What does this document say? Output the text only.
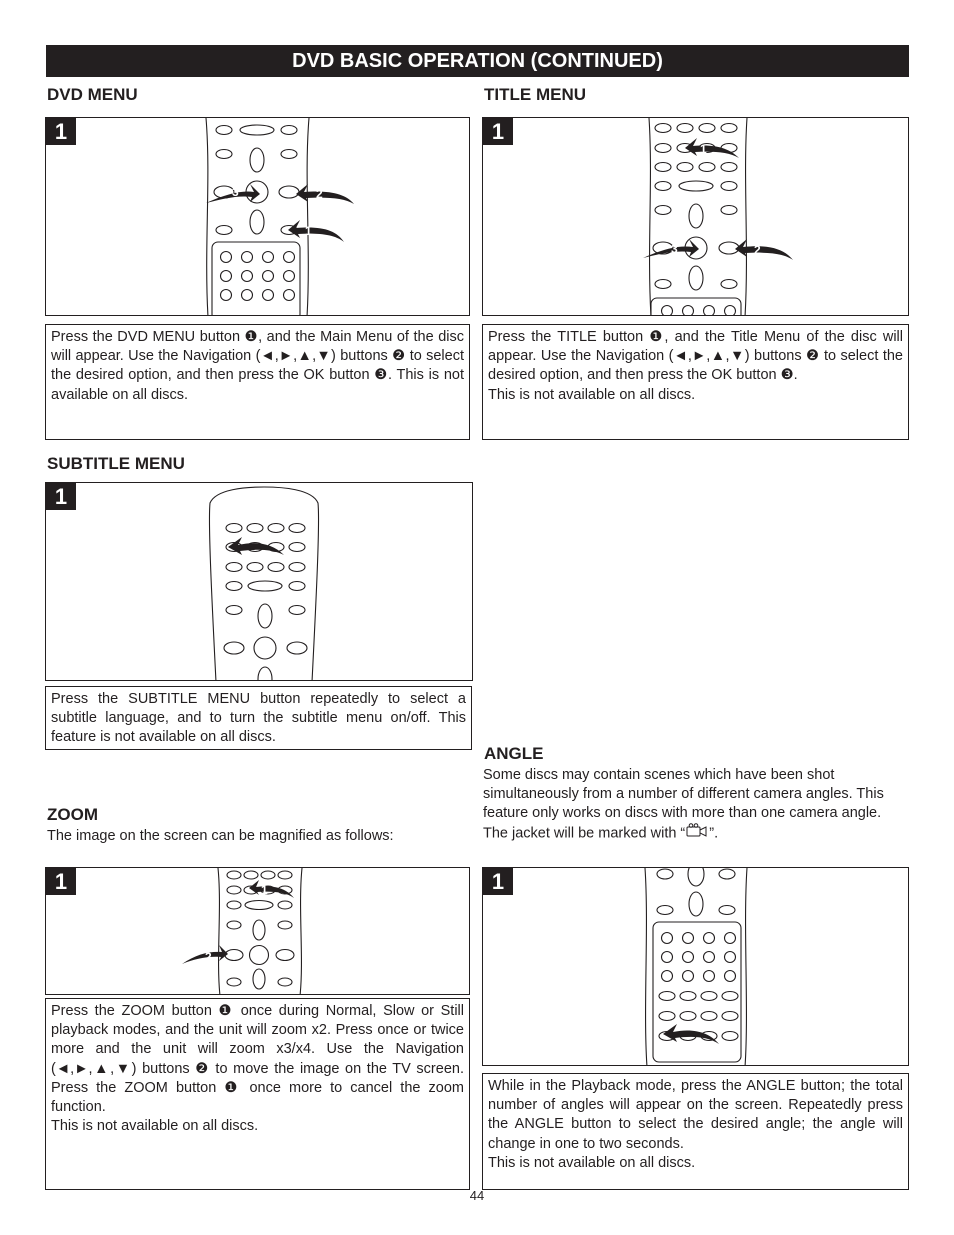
DVD BASIC OPERATION (CONTINUED)
DVD MENU
3	2
1
1
Press the DVD MENU button ❶, and the Main Menu of the disc will appear. Use the Navigation (◄,►,▲,▼) buttons ❷ to select the desired option, and then press the OK button ❸. This is not available on all discs.
TITLE MENU
1
2
3
1
Press the TITLE button ❶, and the Title Menu of the disc will appear. Use the Navigation (◄,►,▲,▼) buttons ❷ to select the desired option, and then press the OK button ❸.
This is not available on all discs.
SUBTITLE MENU
1
Press the SUBTITLE MENU button repeatedly to select a subtitle language, and to turn the subtitle menu on/off. This feature is not available on all discs.
ZOOM
The image on the screen can be magnified as follows:
1
2
1
Press the ZOOM button ❶ once during Normal, Slow or Still playback modes, and the unit will zoom x2. Press once or twice more and the unit will zoom x3/x4. Use the Navigation (◄,►,▲,▼) buttons ❷ to move the image on the TV screen. Press the ZOOM button ❶ once more to cancel the zoom function.
This is not available on all discs.
ANGLE
Some discs may contain scenes which have been shot simultaneously from a number of different camera angles. This feature only works on discs with more than one camera angle. The jacket will be marked with “ ”.
1
While in the Playback mode, press the ANGLE button; the total number of angles will appear on the screen. Repeatedly press the ANGLE button to select the desired angle; the angle will change in one to two seconds.
This is not available on all discs.
44
